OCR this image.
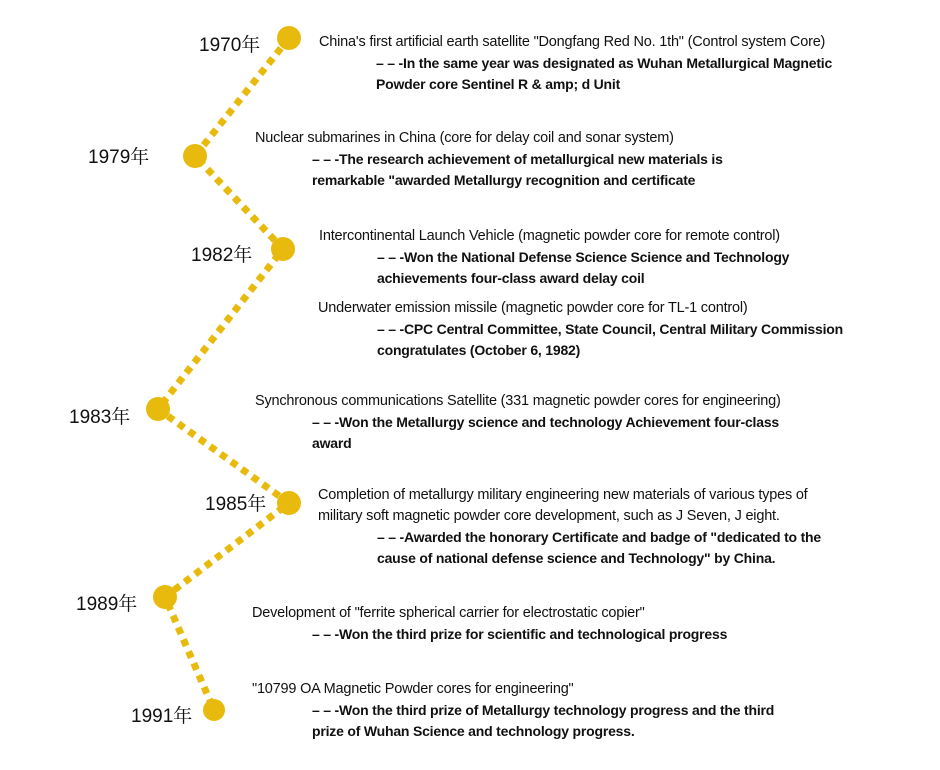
1970年
1979年
1982年
1983年
1985年
1989年
1991年
China's first artificial earth satellite "Dongfang Red No. 1th" (Control system Core)
– – -In the same year was designated as Wuhan Metallurgical Magnetic
Powder core Sentinel R & amp; d Unit
Nuclear submarines in China (core for delay coil and sonar system)
– – -The research achievement of metallurgical new materials is
remarkable "awarded Metallurgy recognition and certificate
Intercontinental Launch Vehicle (magnetic powder core for remote control)
– – -Won the National Defense Science Science and Technology
achievements four-class award delay coil
Underwater emission missile (magnetic powder core for TL-1 control)
– – -CPC Central Committee, State Council, Central Military Commission
congratulates (October 6, 1982)
Synchronous communications Satellite (331 magnetic powder cores for engineering)
– – -Won the Metallurgy science and technology Achievement four-class
award
Completion of metallurgy military engineering new materials of various types of
military soft magnetic powder core development, such as J Seven, J eight.
– – -Awarded the honorary Certificate and badge of "dedicated to the
cause of national defense science and Technology" by China.
Development of "ferrite spherical carrier for electrostatic copier"
– – -Won the third prize for scientific and technological progress
"10799 OA Magnetic Powder cores for engineering"
– – -Won the third prize of Metallurgy technology progress and the third
prize of Wuhan Science and technology progress.
